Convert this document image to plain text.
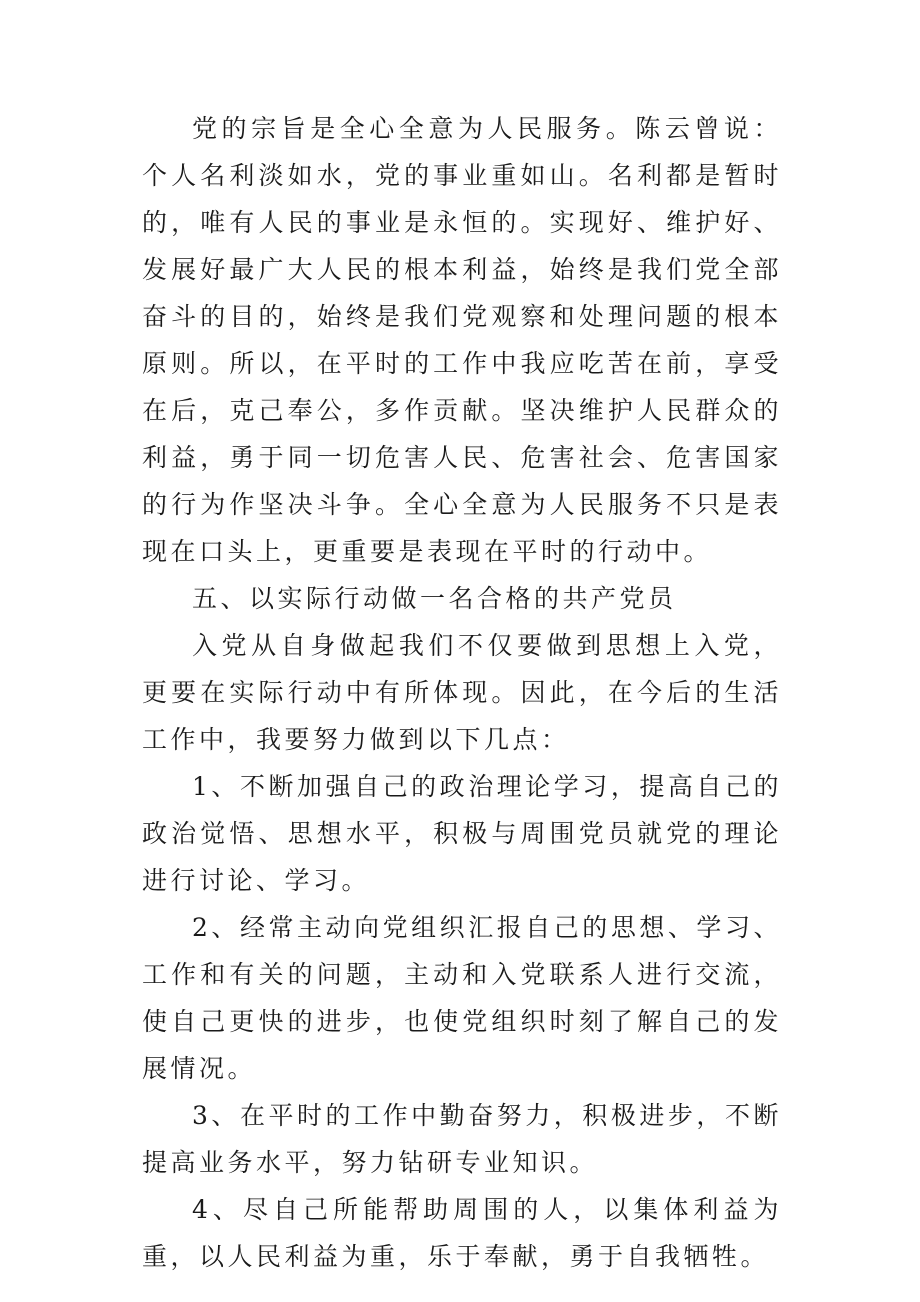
党的宗旨是全心全意为人民服务。陈云曾说：个人名利淡如水，党的事业重如山。名利都是暂时的，唯有人民的事业是永恒的。实现好、维护好、发展好最广大人民的根本利益，始终是我们党全部奋斗的目的，始终是我们党观察和处理问题的根本原则。所以，在平时的工作中我应吃苦在前，享受在后，克己奉公，多作贡献。坚决维护人民群众的利益，勇于同一切危害人民、危害社会、危害国家的行为作坚决斗争。全心全意为人民服务不只是表现在口头上，更重要是表现在平时的行动中。

五、以实际行动做一名合格的共产党员

入党从自身做起我们不仅要做到思想上入党，更要在实际行动中有所体现。因此，在今后的生活工作中，我要努力做到以下几点：

1、不断加强自己的政治理论学习，提高自己的政治觉悟、思想水平，积极与周围党员就党的理论进行讨论、学习。

2、经常主动向党组织汇报自己的思想、学习、工作和有关的问题，主动和入党联系人进行交流，使自己更快的进步，也使党组织时刻了解自己的发展情况。

3、在平时的工作中勤奋努力，积极进步，不断提高业务水平，努力钻研专业知识。

4、尽自己所能帮助周围的人，以集体利益为重，以人民利益为重，乐于奉献，勇于自我牺牲。
